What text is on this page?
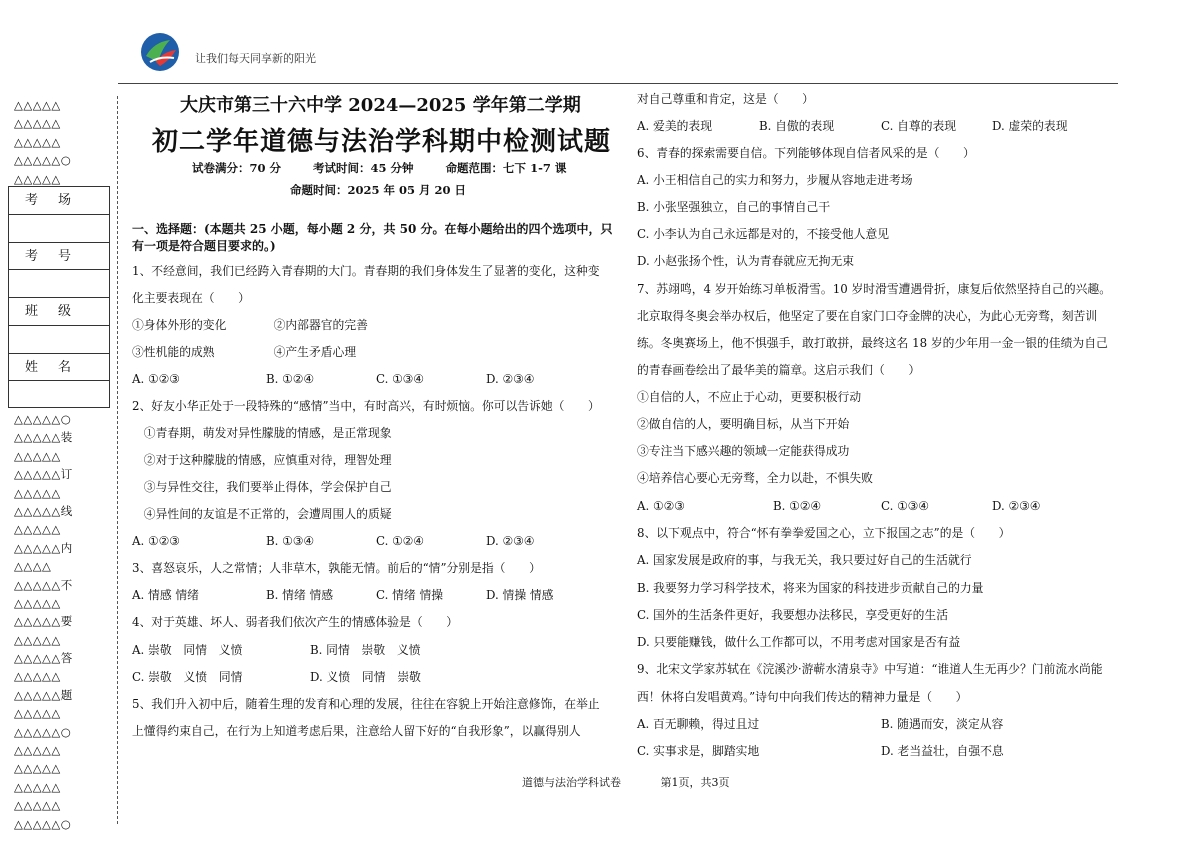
让我们每天同享新的阳光
△△△△△
△△△△△
△△△△△
△△△△△○
△△△△△
考场
考号
班级
姓名
△△△△△○
△△△△△装
△△△△△
△△△△△订
△△△△△
△△△△△线
△△△△△
△△△△△内
△△△△
△△△△△不
△△△△△
△△△△△要
△△△△△
△△△△△答
△△△△△
△△△△△题
△△△△△
△△△△△○
△△△△△
△△△△△
△△△△△
△△△△△
△△△△△○
大庆市第三十六中学 2024—2025 学年第二学期
初二学年道德与法治学科期中检测试题
试卷满分：70 分	考试时间：45 分钟	命题范围：七下 1-7 课
命题时间：2025 年 05 月 20 日
一、选择题：(本题共 25 小题，每小题 2 分，共 50 分。在每小题给出的四个选项中，只有一项是符合题目要求的。)
1、不经意间，我们已经跨入青春期的大门。青春期的我们身体发生了显著的变化，这种变
化主要表现在（　　）
①身体外形的变化　　　　②内部器官的完善
③性机能的成熟　　　　　④产生矛盾心理
A. ①②③	B. ①②④	C. ①③④	D. ②③④
2、好友小华正处于一段特殊的“感情”当中，有时高兴，有时烦恼。你可以告诉她（　　）
　①青春期，萌发对异性朦胧的情感，是正常现象
　②对于这种朦胧的情感，应慎重对待，理智处理
　③与异性交往，我们要举止得体，学会保护自己
　④异性间的友谊是不正常的，会遭周围人的质疑
A. ①②③	B. ①③④	C. ①②④	D. ②③④
3、喜怒哀乐，人之常情；人非草木，孰能无情。前后的“情”分别是指（　　）
A. 情感 情绪	B. 情绪 情感	C. 情绪 情操	D. 情操 情感
4、对于英雄、坏人、弱者我们依次产生的情感体验是（　　）
A. 崇敬　同情　义愤	B. 同情　崇敬　义愤
C. 崇敬　义愤　同情	D. 义愤　同情　崇敬
5、我们升入初中后，随着生理的发育和心理的发展，往往在容貌上开始注意修饰，在举止
上懂得约束自己，在行为上知道考虑后果，注意给人留下好的“自我形象”，以赢得别人
对自己尊重和肯定，这是（　　）
A. 爱美的表现	B. 自傲的表现	C. 自尊的表现	D. 虚荣的表现
6、青春的探索需要自信。下列能够体现自信者风采的是（　　）
A. 小王相信自己的实力和努力，步履从容地走进考场
B. 小张坚强独立，自己的事情自己干
C. 小李认为自己永远都是对的，不接受他人意见
D. 小赵张扬个性，认为青春就应无拘无束
7、苏翊鸣，4 岁开始练习单板滑雪。10 岁时滑雪遭遇骨折，康复后依然坚持自己的兴趣。
北京取得冬奥会举办权后，他坚定了要在自家门口夺金牌的决心，为此心无旁骛，刻苦训
练。冬奥赛场上，他不惧强手，敢打敢拼，最终这名 18 岁的少年用一金一银的佳绩为自己
的青春画卷绘出了最华美的篇章。这启示我们（　　）
①自信的人，不应止于心动，更要积极行动
②做自信的人，要明确目标，从当下开始
③专注当下感兴趣的领域一定能获得成功
④培养信心要心无旁骛，全力以赴，不惧失败
A. ①②③	B. ①②④	C. ①③④	D. ②③④
8、以下观点中，符合“怀有拳拳爱国之心，立下报国之志”的是（　　）
A. 国家发展是政府的事，与我无关，我只要过好自己的生活就行
B. 我要努力学习科学技术，将来为国家的科技进步贡献自己的力量
C. 国外的生活条件更好，我要想办法移民，享受更好的生活
D. 只要能赚钱，做什么工作都可以，不用考虑对国家是否有益
9、北宋文学家苏轼在《浣溪沙·游蕲水清泉寺》中写道：“谁道人生无再少？门前流水尚能
西！休将白发唱黄鸡。”诗句中向我们传达的精神力量是（　　）
A. 百无聊赖，得过且过	B. 随遇而安，淡定从容
C. 实事求是，脚踏实地	D. 老当益壮，自强不息
道德与法治学科试卷	第1页，共3页
